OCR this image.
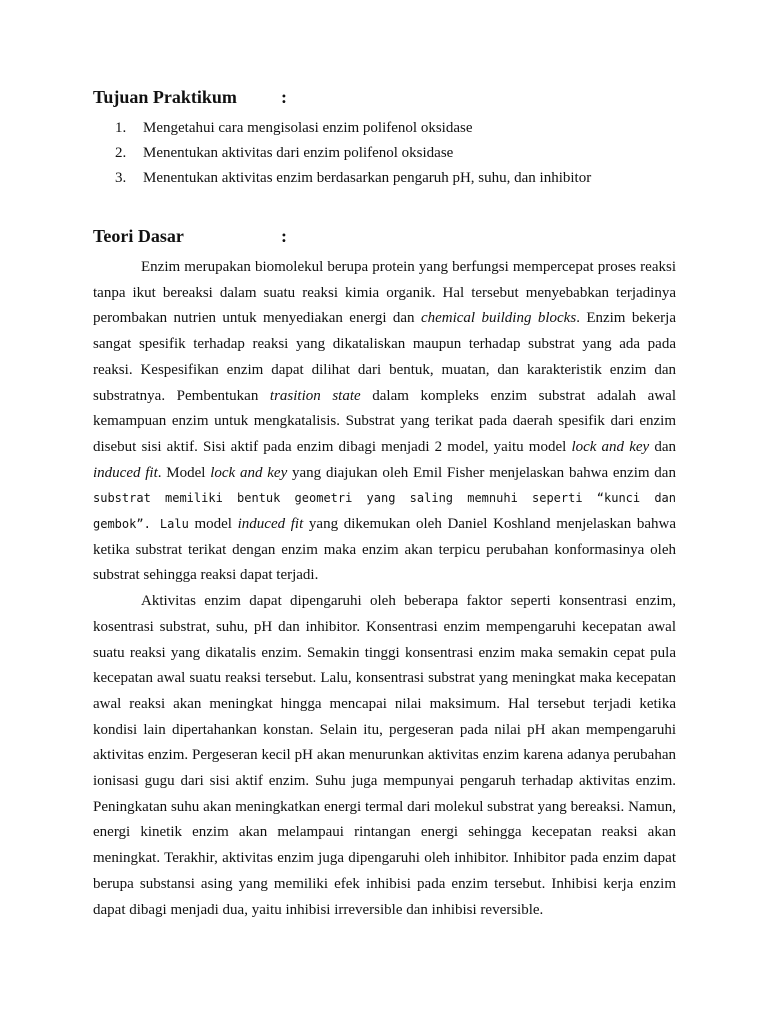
Tujuan Praktikum	:
1.	Mengetahui cara mengisolasi enzim polifenol oksidase
2.	Menentukan aktivitas dari enzim polifenol oksidase
3.	Menentukan aktivitas enzim berdasarkan pengaruh pH, suhu, dan inhibitor
Teori Dasar	:

Enzim merupakan biomolekul berupa protein yang berfungsi mempercepat proses reaksi tanpa ikut bereaksi dalam suatu reaksi kimia organik. Hal tersebut menyebabkan terjadinya perombakan nutrien untuk menyediakan energi dan chemical building blocks. Enzim bekerja sangat spesifik terhadap reaksi yang dikataliskan maupun terhadap substrat yang ada pada reaksi. Kespesifikan enzim dapat dilihat dari bentuk, muatan, dan karakteristik enzim dan substratnya. Pembentukan trasition state dalam kompleks enzim substrat adalah awal kemampuan enzim untuk mengkatalisis. Substrat yang terikat pada daerah spesifik dari enzim disebut sisi aktif. Sisi aktif pada enzim dibagi menjadi 2 model, yaitu model lock and key dan induced fit. Model lock and key yang diajukan oleh Emil Fisher menjelaskan bahwa enzim dan substrat memiliki bentuk geometri yang saling memnuhi seperti “kunci dan gembok”. Lalu model induced fit yang dikemukan oleh Daniel Koshland menjelaskan bahwa ketika substrat terikat dengan enzim maka enzim akan terpicu perubahan konformasinya oleh substrat sehingga reaksi dapat terjadi.

Aktivitas enzim dapat dipengaruhi oleh beberapa faktor seperti konsentrasi enzim, kosentrasi substrat, suhu, pH dan inhibitor. Konsentrasi enzim mempengaruhi kecepatan awal suatu reaksi yang dikatalis enzim. Semakin tinggi konsentrasi enzim maka semakin cepat pula kecepatan awal suatu reaksi tersebut. Lalu, konsentrasi substrat yang meningkat maka kecepatan awal reaksi akan meningkat hingga mencapai nilai maksimum. Hal tersebut terjadi ketika kondisi lain dipertahankan konstan. Selain itu, pergeseran pada nilai pH akan mempengaruhi aktivitas enzim. Pergeseran kecil pH akan menurunkan aktivitas enzim karena adanya perubahan ionisasi gugu dari sisi aktif enzim. Suhu juga mempunyai pengaruh terhadap aktivitas enzim. Peningkatan suhu akan meningkatkan energi termal dari molekul substrat yang bereaksi. Namun, energi kinetik enzim akan melampaui rintangan energi sehingga kecepatan reaksi akan meningkat. Terakhir, aktivitas enzim juga dipengaruhi oleh inhibitor. Inhibitor pada enzim dapat berupa substansi asing yang memiliki efek inhibisi pada enzim tersebut. Inhibisi kerja enzim dapat dibagi menjadi dua, yaitu inhibisi irreversible dan inhibisi reversible.
